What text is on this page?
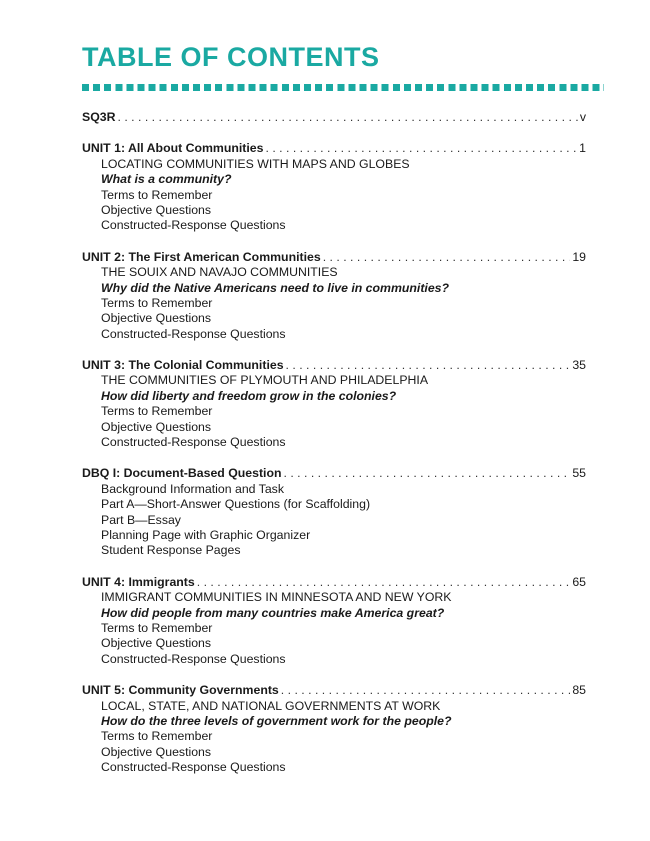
TABLE OF CONTENTS
SQ3R . . .	v
UNIT 1: All About Communities . . .	1
LOCATING COMMUNITIES WITH MAPS AND GLOBES
What is a community?
Terms to Remember
Objective Questions
Constructed-Response Questions
UNIT 2: The First American Communities . . .	19
THE SOUIX AND NAVAJO COMMUNITIES
Why did the Native Americans need to live in communities?
Terms to Remember
Objective Questions
Constructed-Response Questions
UNIT 3: The Colonial Communities . . .	35
THE COMMUNITIES OF PLYMOUTH AND PHILADELPHIA
How did liberty and freedom grow in the colonies?
Terms to Remember
Objective Questions
Constructed-Response Questions
DBQ I: Document-Based Question . . .	55
Background Information and Task
Part A—Short-Answer Questions (for Scaffolding)
Part B—Essay
Planning Page with Graphic Organizer
Student Response Pages
UNIT 4: Immigrants . . .	65
IMMIGRANT COMMUNITIES IN MINNESOTA AND NEW YORK
How did people from many countries make America great?
Terms to Remember
Objective Questions
Constructed-Response Questions
UNIT 5: Community Governments . . .	85
LOCAL, STATE, AND NATIONAL GOVERNMENTS AT WORK
How do the three levels of government work for the people?
Terms to Remember
Objective Questions
Constructed-Response Questions
